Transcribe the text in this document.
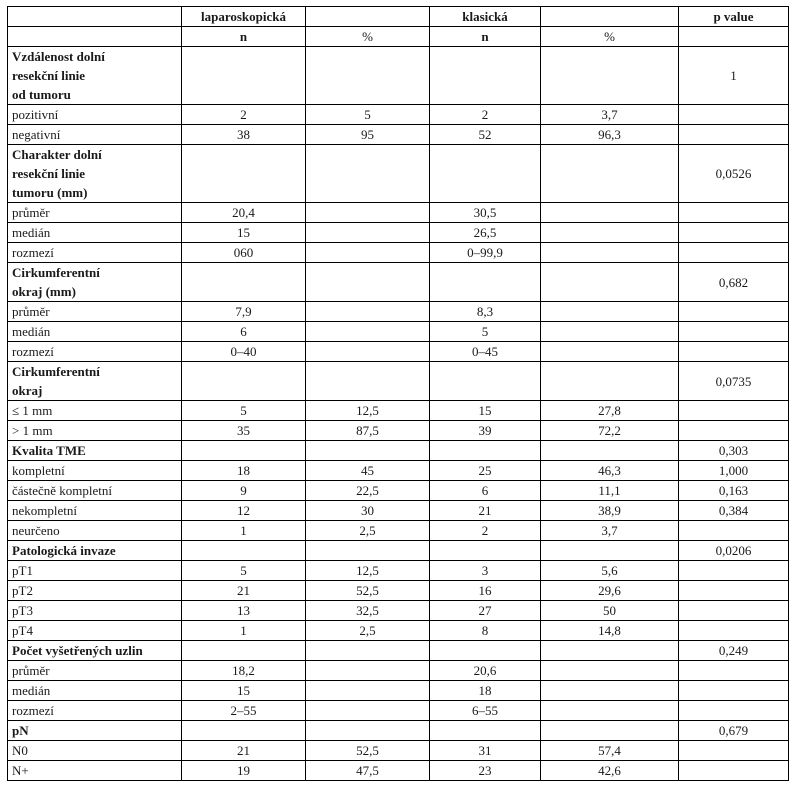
	laparoskopická		klasická		p value
	n	%	n	%	
Vzdálenost dolní
resekční linie
od tumoru					1
pozitivní	2	5	2	3,7	
negativní	38	95	52	96,3	
Charakter dolní
resekční linie
tumoru (mm)					0,0526
průměr	20,4		30,5		
medián	15		26,5		
rozmezí	060		0–99,9		
Cirkumferentní
okraj (mm)					0,682
průměr	7,9		8,3		
medián	6		5		
rozmezí	0–40		0–45		
Cirkumferentní
okraj					0,0735
≤ 1 mm	5	12,5	15	27,8	
> 1 mm	35	87,5	39	72,2	
Kvalita TME					0,303
kompletní	18	45	25	46,3	1,000
částečně kompletní	9	22,5	6	11,1	0,163
nekompletní	12	30	21	38,9	0,384
neurčeno	1	2,5	2	3,7	
Patologická invaze					0,0206
pT1	5	12,5	3	5,6	
pT2	21	52,5	16	29,6	
pT3	13	32,5	27	50	
pT4	1	2,5	8	14,8	
Počet vyšetřených uzlin					0,249
průměr	18,2		20,6		
medián	15		18		
rozmezí	2–55		6–55		
pN					0,679
N0	21	52,5	31	57,4	
N+	19	47,5	23	42,6	
